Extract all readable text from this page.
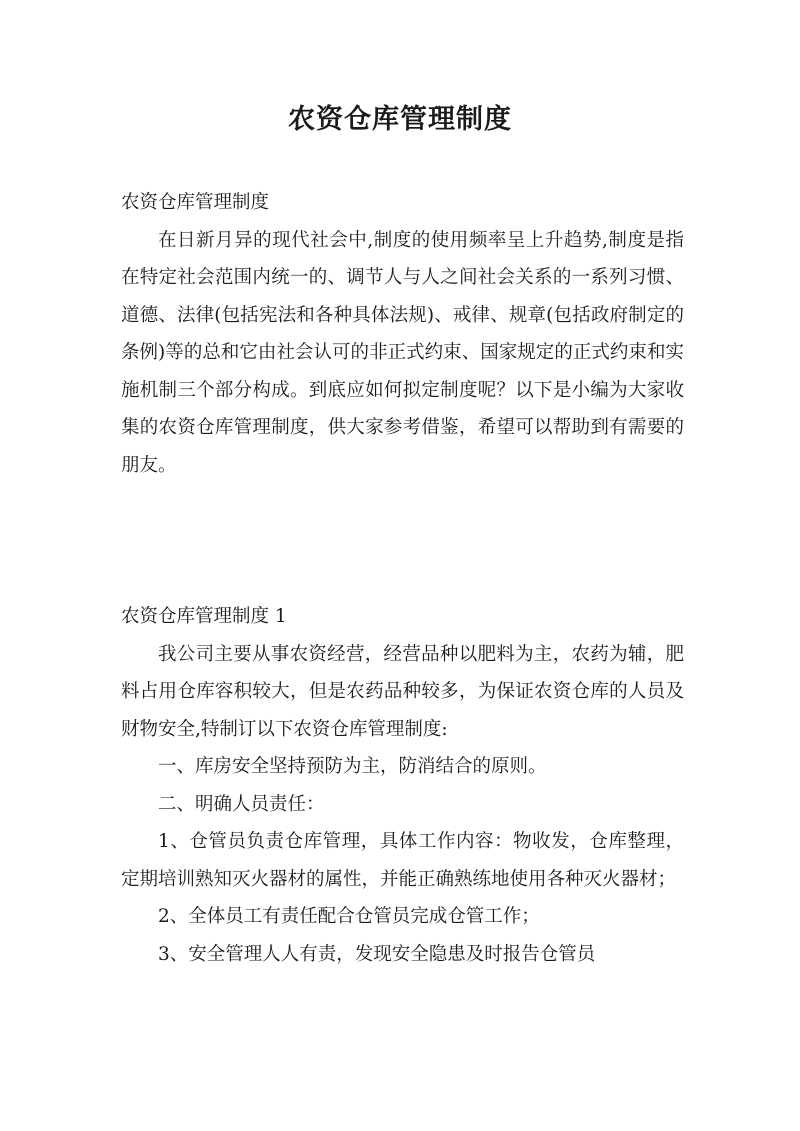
农资仓库管理制度

农资仓库管理制度

在日新月异的现代社会中,制度的使用频率呈上升趋势,制度是指在特定社会范围内统一的、调节人与人之间社会关系的一系列习惯、道德、法律(包括宪法和各种具体法规)、戒律、规章(包括政府制定的条例)等的总和它由社会认可的非正式约束、国家规定的正式约束和实施机制三个部分构成。到底应如何拟定制度呢？以下是小编为大家收集的农资仓库管理制度，供大家参考借鉴，希望可以帮助到有需要的朋友。

农资仓库管理制度 1

我公司主要从事农资经营，经营品种以肥料为主，农药为辅，肥料占用仓库容积较大，但是农药品种较多，为保证农资仓库的人员及财物安全,特制订以下农资仓库管理制度:

一、库房安全坚持预防为主，防消结合的原则。

二、明确人员责任：

1、仓管员负责仓库管理，具体工作内容：物收发，仓库整理，定期培训熟知灭火器材的属性，并能正确熟练地使用各种灭火器材；

2、全体员工有责任配合仓管员完成仓管工作；

3、安全管理人人有责，发现安全隐患及时报告仓管员
